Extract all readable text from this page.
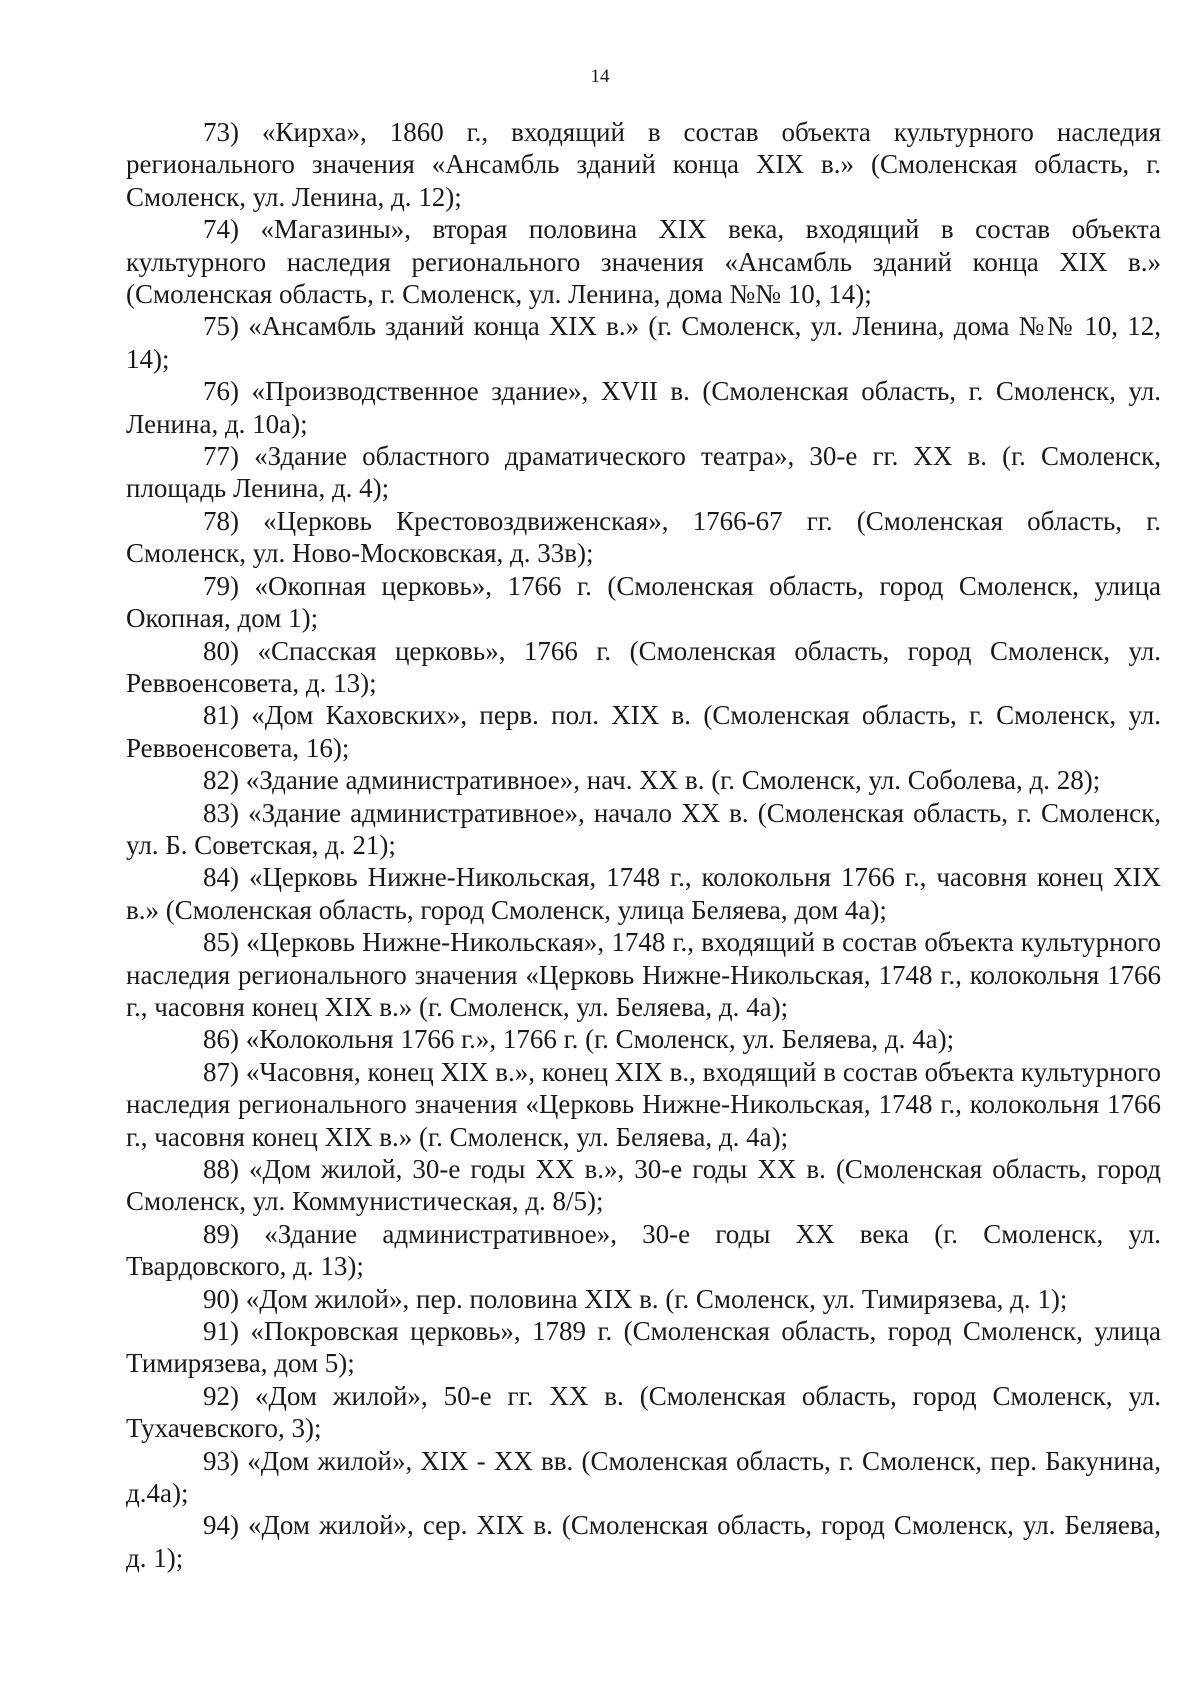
14

73) «Кирха», 1860 г., входящий в состав объекта культурного наследия регионального значения «Ансамбль зданий конца XIX в.» (Смоленская область, г. Смоленск, ул. Ленина, д. 12);

74) «Магазины», вторая половина XIX века, входящий в состав объекта культурного наследия регионального значения «Ансамбль зданий конца XIX в.» (Смоленская область, г. Смоленск, ул. Ленина, дома №№ 10, 14);

75) «Ансамбль зданий конца XIX в.» (г. Смоленск, ул. Ленина, дома №№ 10, 12, 14);

76) «Производственное здание», XVII в. (Смоленская область, г. Смоленск, ул. Ленина, д. 10а);

77) «Здание областного драматического театра», 30-е гг. XX в. (г. Смоленск, площадь Ленина, д. 4);

78) «Церковь Крестовоздвиженская», 1766-67 гг. (Смоленская область, г. Смоленск, ул. Ново-Московская, д. 33в);

79) «Окопная церковь», 1766 г. (Смоленская область, город Смоленск, улица Окопная, дом 1);

80) «Спасская церковь», 1766 г. (Смоленская область, город Смоленск, ул. Реввоенсовета, д. 13);

81) «Дом Каховских», перв. пол. XIX в. (Смоленская область, г. Смоленск, ул. Реввоенсовета, 16);

82) «Здание административное», нач. XX в. (г. Смоленск, ул. Соболева, д. 28);

83) «Здание административное», начало XX в. (Смоленская область, г. Смоленск, ул. Б. Советская, д. 21);

84) «Церковь Нижне-Никольская, 1748 г., колокольня 1766 г., часовня конец XIX в.» (Смоленская область, город Смоленск, улица Беляева, дом 4а);

85) «Церковь Нижне-Никольская», 1748 г., входящий в состав объекта культурного наследия регионального значения «Церковь Нижне-Никольская, 1748 г., колокольня 1766 г., часовня конец XIX в.» (г. Смоленск, ул. Беляева, д. 4а);

86) «Колокольня 1766 г.», 1766 г. (г. Смоленск, ул. Беляева, д. 4а);

87) «Часовня, конец XIX в.», конец XIX в., входящий в состав объекта культурного наследия регионального значения «Церковь Нижне-Никольская, 1748 г., колокольня 1766 г., часовня конец XIX в.» (г. Смоленск, ул. Беляева, д. 4а);

88) «Дом жилой, 30-е годы XX в.», 30-е годы XX в. (Смоленская область, город Смоленск, ул. Коммунистическая, д. 8/5);

89) «Здание административное», 30-е годы XX века (г. Смоленск, ул. Твардовского, д. 13);

90) «Дом жилой», пер. половина XIX в. (г. Смоленск, ул. Тимирязева, д. 1);

91) «Покровская церковь», 1789 г. (Смоленская область, город Смоленск, улица Тимирязева, дом 5);

92) «Дом жилой», 50-е гг. XX в. (Смоленская область, город Смоленск, ул. Тухачевского, 3);

93) «Дом жилой», XIX - XX вв. (Смоленская область, г. Смоленск, пер. Бакунина, д.4а);

94) «Дом жилой», сер. XIX в. (Смоленская область, город Смоленск, ул. Беляева, д. 1);
